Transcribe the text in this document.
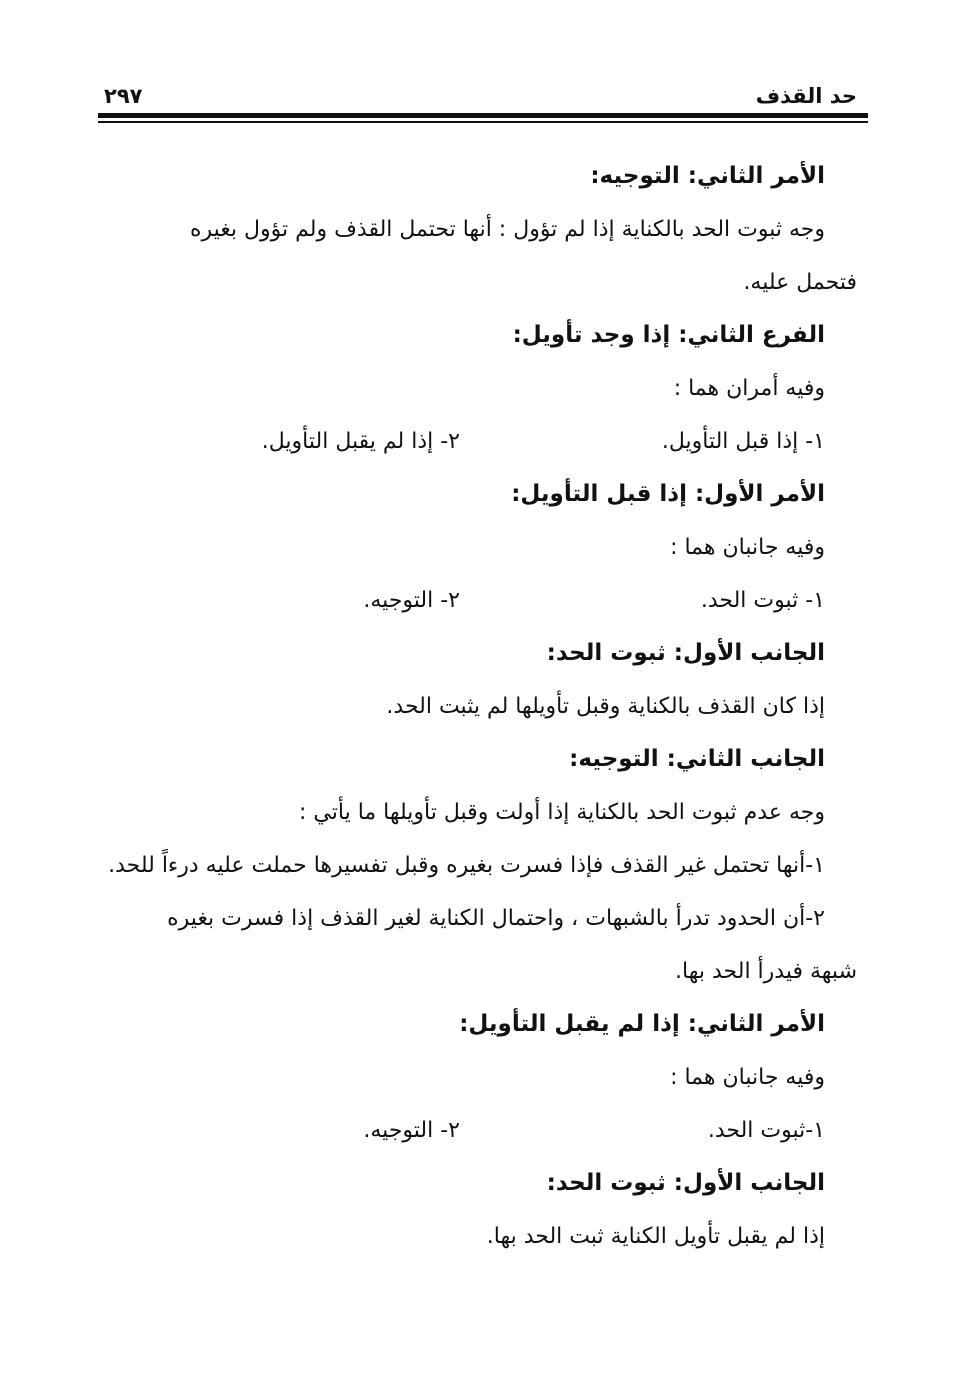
حد القذف
٢٩٧
الأمر الثاني: التوجيه:
وجه ثبوت الحد بالكناية إذا لم تؤول : أنها تحتمل القذف ولم تؤول بغيره
فتحمل عليه.
الفرع الثاني: إذا وجد تأويل:
وفيه أمران هما :
١- إذا قبل التأويل.
٢- إذا لم يقبل التأويل.
الأمر الأول: إذا قبل التأويل:
وفيه جانبان هما :
١- ثبوت الحد.
٢- التوجيه.
الجانب الأول: ثبوت الحد:
إذا كان القذف بالكناية وقبل تأويلها لم يثبت الحد.
الجانب الثاني: التوجيه:
وجه عدم ثبوت الحد بالكناية إذا أولت وقبل تأويلها ما يأتي :
١-أنها تحتمل غير القذف فإذا فسرت بغيره وقبل تفسيرها حملت عليه درءاً للحد.
٢-أن الحدود تدرأ بالشبهات ، واحتمال الكناية لغير القذف إذا فسرت بغيره
شبهة فيدرأ الحد بها.
الأمر الثاني: إذا لم يقبل التأويل:
وفيه جانبان هما :
١-ثبوت الحد.
٢- التوجيه.
الجانب الأول: ثبوت الحد:
إذا لم يقبل تأويل الكناية ثبت الحد بها.
